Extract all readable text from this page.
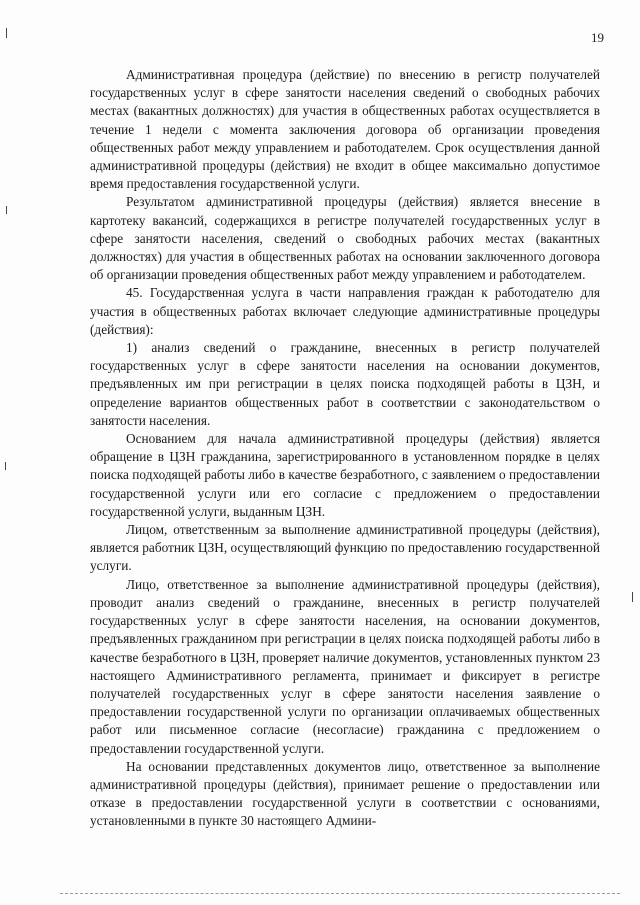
19

Административная процедура (действие) по внесению в регистр получателей государственных услуг в сфере занятости населения сведений о свободных рабочих местах (вакантных должностях) для участия в общественных работах осуществляется в течение 1 недели с момента заключения договора об организации проведения общественных работ между управлением и работодателем. Срок осуществления данной административной процедуры (действия) не входит в общее максимально допустимое время предоставления государственной услуги.

Результатом административной процедуры (действия) является внесение в картотеку вакансий, содержащихся в регистре получателей государственных услуг в сфере занятости населения, сведений о свободных рабочих местах (вакантных должностях) для участия в общественных работах на основании заключенного договора об организации проведения общественных работ между управлением и работодателем.

45. Государственная услуга в части направления граждан к работодателю для участия в общественных работах включает следующие административные процедуры (действия):

1) анализ сведений о гражданине, внесенных в регистр получателей государственных услуг в сфере занятости населения на основании документов, предъявленных им при регистрации в целях поиска подходящей работы в ЦЗН, и определение вариантов общественных работ в соответствии с законодательством о занятости населения.

Основанием для начала административной процедуры (действия) является обращение в ЦЗН гражданина, зарегистрированного в установленном порядке в целях поиска подходящей работы либо в качестве безработного, с заявлением о предоставлении государственной услуги или его согласие с предложением о предоставлении государственной услуги, выданным ЦЗН.

Лицом, ответственным за выполнение административной процедуры (действия), является работник ЦЗН, осуществляющий функцию по предоставлению государственной услуги.

Лицо, ответственное за выполнение административной процедуры (действия), проводит анализ сведений о гражданине, внесенных в регистр получателей государственных услуг в сфере занятости населения, на основании документов, предъявленных гражданином при регистрации в целях поиска подходящей работы либо в качестве безработного в ЦЗН, проверяет наличие документов, установленных пунктом 23 настоящего Административного регламента, принимает и фиксирует в регистре получателей государственных услуг в сфере занятости населения заявление о предоставлении государственной услуги по организации оплачиваемых общественных работ или письменное согласие (несогласие) гражданина с предложением о предоставлении государственной услуги.

На основании представленных документов лицо, ответственное за выполнение административной процедуры (действия), принимает решение о предоставлении или отказе в предоставлении государственной услуги в соответствии с основаниями, установленными в пункте 30 настоящего Админи-
